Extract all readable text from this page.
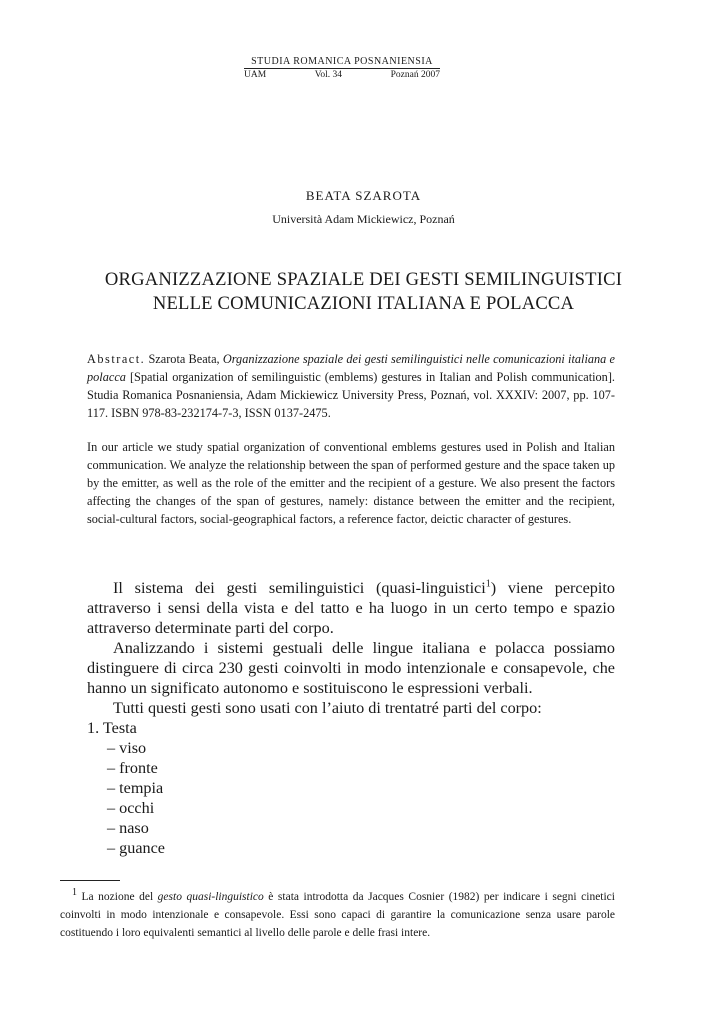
STUDIA ROMANICA POSNANIENSIA
UAM	Vol. 34	Poznań 2007
BEATA SZAROTA
Università Adam Mickiewicz, Poznań
ORGANIZZAZIONE SPAZIALE DEI GESTI SEMILINGUISTICI
NELLE COMUNICAZIONI ITALIANA E POLACCA
Abstract. Szarota Beata, Organizzazione spaziale dei gesti semilinguistici nelle comunicazioni italiana e polacca [Spatial organization of semilinguistic (emblems) gestures in Italian and Polish communication]. Studia Romanica Posnaniensia, Adam Mickiewicz University Press, Poznań, vol. XXXIV: 2007, pp. 107-117. ISBN 978-83-232174-7-3, ISSN 0137-2475.
In our article we study spatial organization of conventional emblems gestures used in Polish and Italian communication. We analyze the relationship between the span of performed gesture and the space taken up by the emitter, as well as the role of the emitter and the recipient of a gesture. We also present the factors affecting the changes of the span of gestures, namely: distance between the emitter and the recipient, social-cultural factors, social-geographical factors, a reference factor, deictic character of gestures.

Il sistema dei gesti semilinguistici (quasi-linguistici$^1$) viene percepito attraverso i sensi della vista e del tatto e ha luogo in un certo tempo e spazio attraverso determinate parti del corpo.

Analizzando i sistemi gestuali delle lingue italiana e polacca possiamo distinguere di circa 230 gesti coinvolti in modo intenzionale e consapevole, che hanno un significato autonomo e sostituiscono le espressioni verbali.

Tutti questi gesti sono usati con l’aiuto di trentatré parti del corpo:

1. Testa

– viso

– fronte

– tempia

– occhi

– naso

– guance

$^1$ La nozione del gesto quasi-linguistico è stata introdotta da Jacques Cosnier (1982) per indicare i segni cinetici coinvolti in modo intenzionale e consapevole. Essi sono capaci di garantire la comunicazione senza usare parole costituendo i loro equivalenti semantici al livello delle parole e delle frasi intere.
